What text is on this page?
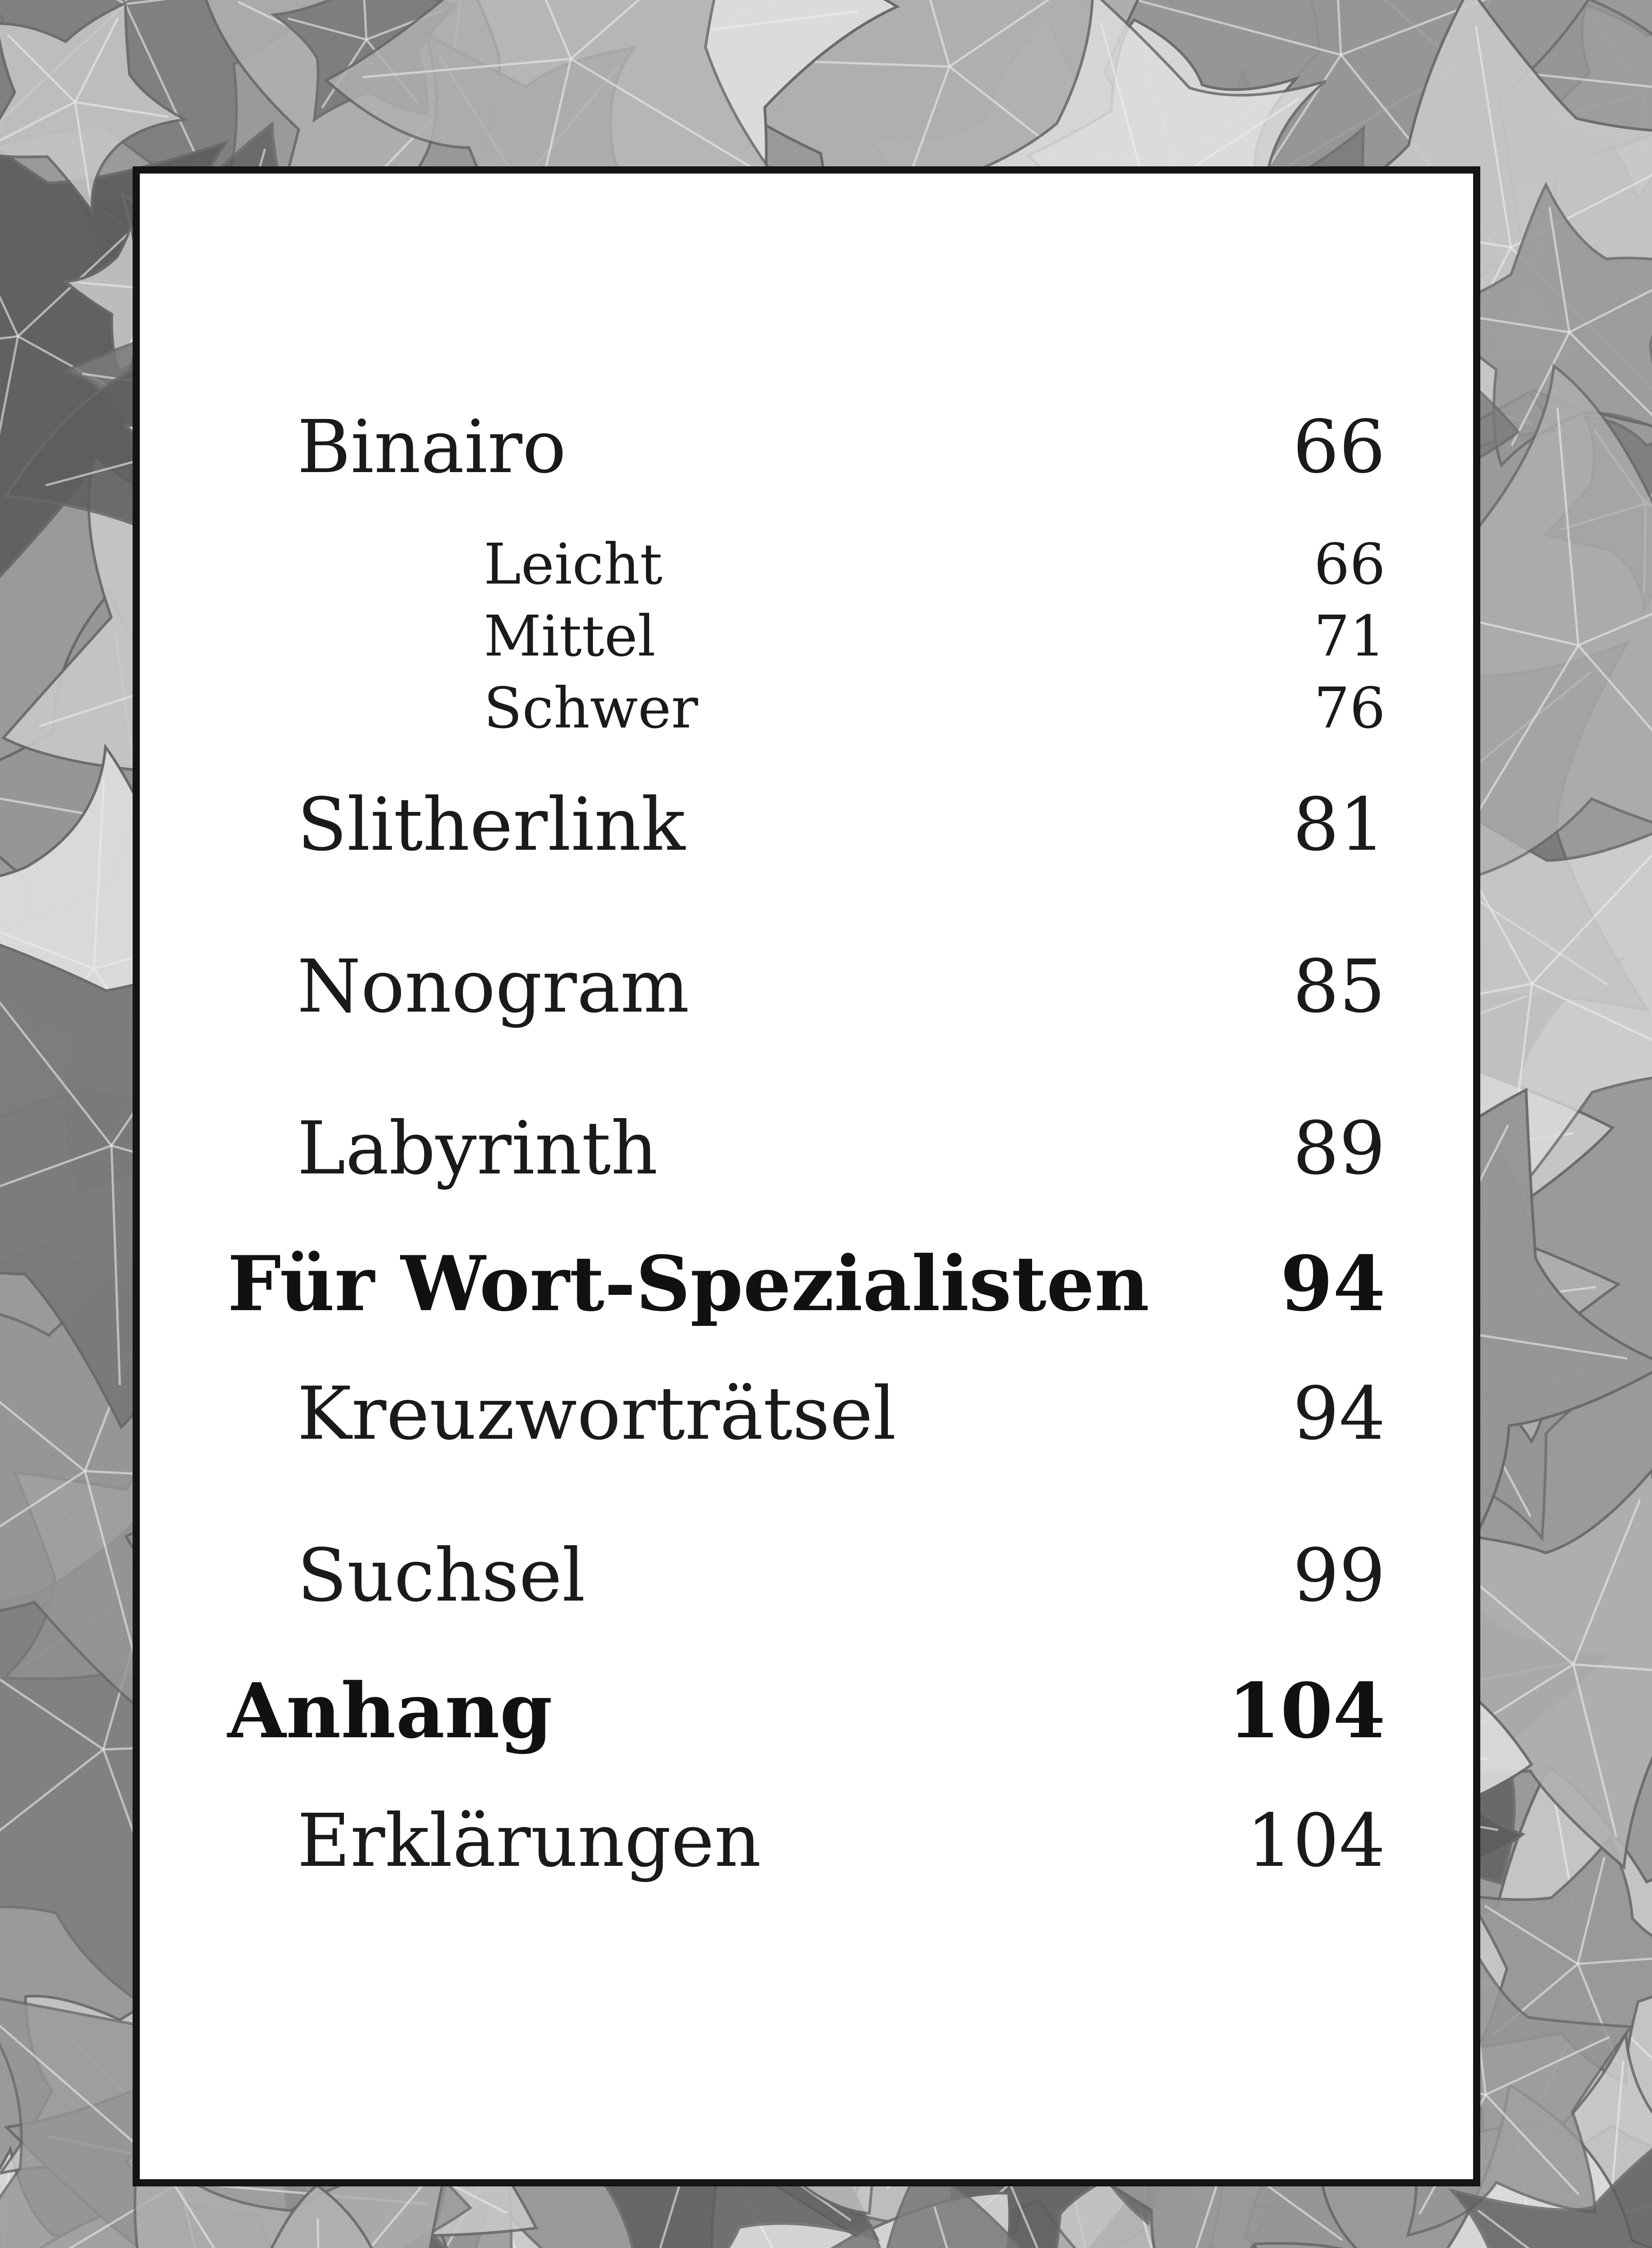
Binairo	66
Leicht	66
Mittel	71
Schwer	76
Slitherlink	81
Nonogram	85
Labyrinth	89
Für Wort-Spezialisten 94
Kreuzworträtsel	94
Suchsel	99
Anhang	104
Erklärungen	104
